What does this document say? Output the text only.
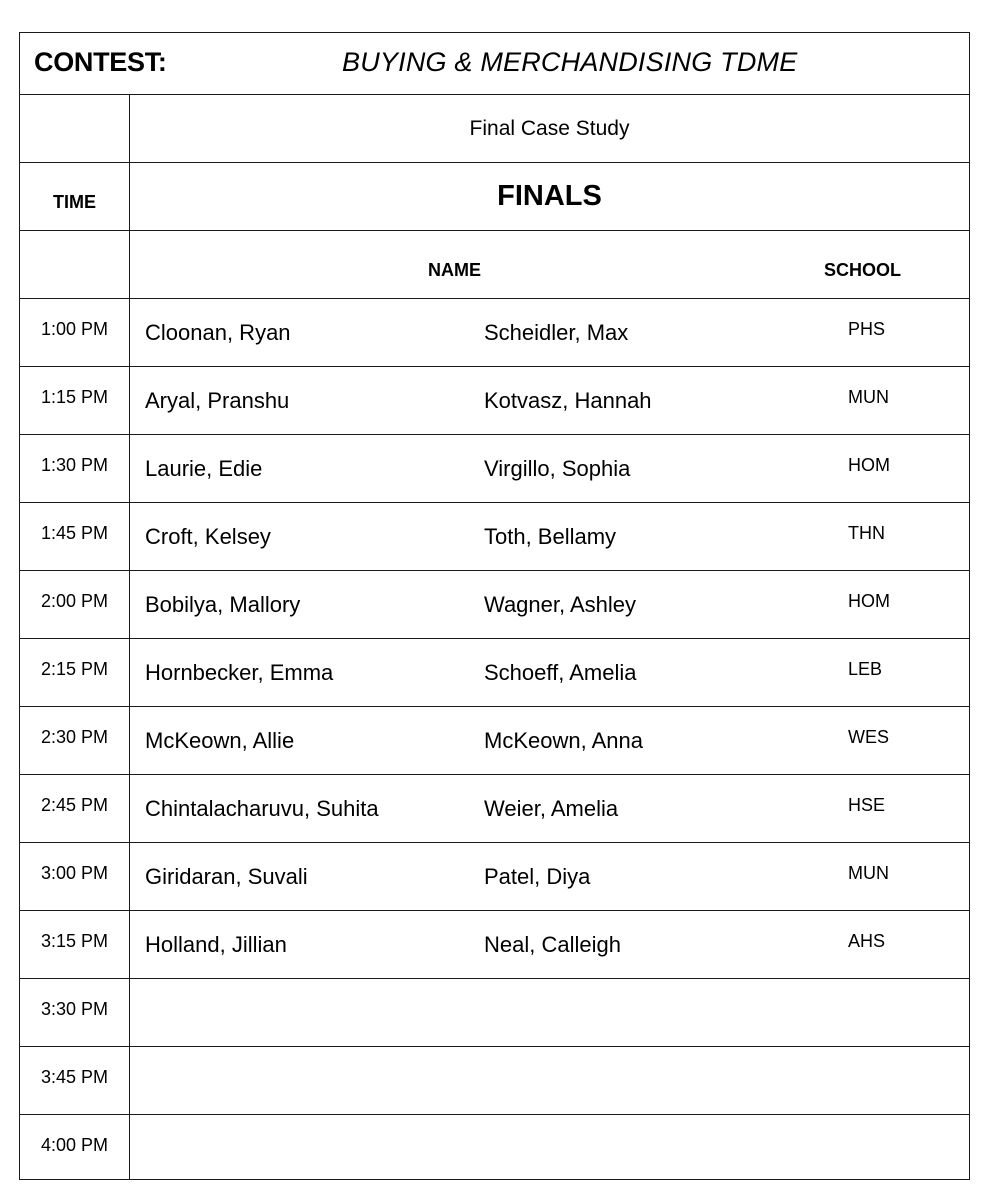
CONTEST:	BUYING & MERCHANDISING TDME
Final Case Study
TIME	FINALS
NAME	SCHOOL
1:00 PM	Cloonan, Ryan	Scheidler, Max	PHS
1:15 PM	Aryal, Pranshu	Kotvasz, Hannah	MUN
1:30 PM	Laurie, Edie	Virgillo, Sophia	HOM
1:45 PM	Croft, Kelsey	Toth, Bellamy	THN
2:00 PM	Bobilya, Mallory	Wagner, Ashley	HOM
2:15 PM	Hornbecker, Emma	Schoeff, Amelia	LEB
2:30 PM	McKeown, Allie	McKeown, Anna	WES
2:45 PM	Chintalacharuvu, Suhita	Weier, Amelia	HSE
3:00 PM	Giridaran, Suvali	Patel, Diya	MUN
3:15 PM	Holland, Jillian	Neal, Calleigh	AHS
3:30 PM
3:45 PM
4:00 PM
